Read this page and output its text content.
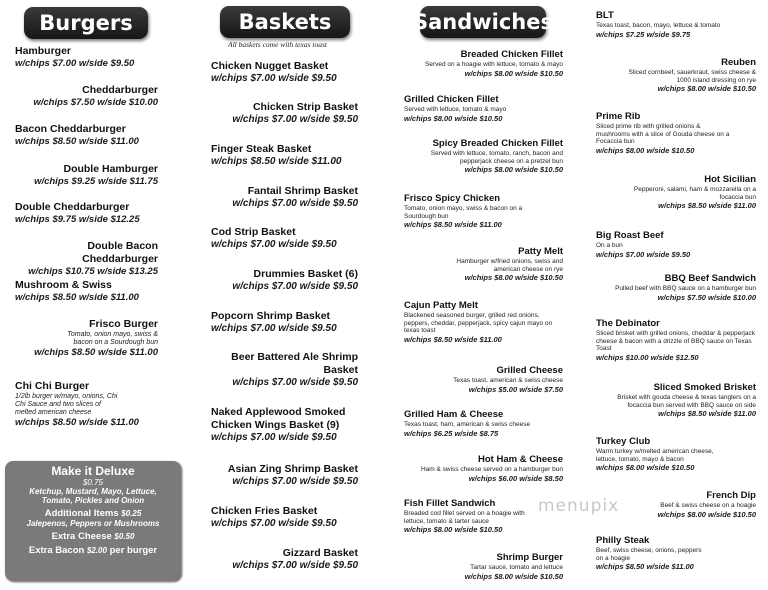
Burgers	Baskets
All baskets come with texas toast
Sandwiches

Hamburger

w/chips $7.00 w/side $9.50

Cheddarburger

w/chips $7.50 w/side $10.00

Bacon Cheddarburger

w/chips $8.50 w/side $11.00

Double Hamburger

w/chips $9.25 w/side $11.75

Double Cheddarburger

w/chips $9.75 w/side $12.25

Double Bacon Cheddarburger

w/chips $10.75 w/side $13.25

Mushroom & Swiss

w/chips $8.50 w/side $11.00

Frisco Burger

Tomato, onion mayo, swiss & bacon on a Sourdough bun

w/chips $8.50 w/side $11.00

Chi Chi Burger

1/2lb burger w/mayo, onions, Chi Chi Sauce and two slices of melted american cheese

w/chips $8.50 w/side $11.00

Make it Deluxe

$0.75

Ketchup, Mustard, Mayo, Lettuce, Tomato, Pickles and Onion

Additional Items $0.25

Jalepenos, Peppers or Mushrooms

Extra Cheese $0.50

Extra Bacon $2.00 per burger

Chicken Nugget Basket

w/chips $7.00 w/side $9.50

Chicken Strip Basket

w/chips $7.00 w/side $9.50

Finger Steak Basket

w/chips $8.50 w/side $11.00

Fantail Shrimp Basket

w/chips $7.00 w/side $9.50

Cod Strip Basket

w/chips $7.00 w/side $9.50

Drummies Basket (6)

w/chips $7.00 w/side $9.50

Popcorn Shrimp Basket

w/chips $7.00 w/side $9.50

Beer Battered Ale Shrimp Basket

w/chips $7.00 w/side $9.50

Naked Applewood Smoked Chicken Wings Basket (9)

w/chips $7.00 w/side $9.50

Asian Zing Shrimp Basket

w/chips $7.00 w/side $9.50

Chicken Fries Basket

w/chips $7.00 w/side $9.50

Gizzard Basket

w/chips $7.00 w/side $9.50

Breaded Chicken Fillet

Served on a hoagie with lettuce, tomato & mayo

w/chips $8.00 w/side $10.50

Grilled Chicken Fillet

Served with lettuce, tomato & mayo

w/chips $8.00 w/side $10.50

Spicy Breaded Chicken Fillet

Served with lettuce, tomato, ranch, bacon and pepperjack cheese on a pretzel bun

w/chips $8.00 w/side $10.50

Frisco Spicy Chicken

Tomato, onion mayo, swiss & bacon on a Sourdough bun

w/chips $8.50 w/side $11.00

Patty Melt

Hamburger w/fried onions, swiss and american cheese on rye

w/chips $8.00 w/side $10.50

Cajun Patty Melt

Blackened seasoned burger, grilled red onions, peppers, cheddar, pepperjack, spicy cajun mayo on texas toast

w/chips $8.50 w/side $11.00

Grilled Cheese

Texas toast, american & swiss cheese

w/chips $5.00 w/side $7.50

Grilled Ham & Cheese

Texas toast, ham, american & swiss cheese

w/chips $6.25 w/side $8.75

Hot Ham & Cheese

Ham & swiss cheese served on a hamburger bun

w/chips $6.00 w/side $8.50

Fish Fillet Sandwich

Breaded cod fillet served on a hoagie with lettuce, tomato & tarter sauce

w/chips $8.00 w/side $10.50

Shrimp Burger

Tartar sauce, tomato and lettuce

w/chips $8.00 w/side $10.50

BLT

Texas toast, bacon, mayo, lettuce & tomato

w/chips $7.25 w/side $9.75

Reuben

Sliced cornbeef, sauerkraut, swiss cheese & 1000 island dressing on rye

w/chips $8.00 w/side $10.50

Prime Rib

Sliced prime rib with grilled onions & mushrooms with a slice of Gouda cheese on a Focaccia bun

w/chips $8.00 w/side $10.50

Hot Sicilian

Pepperoni, salami, ham & mozzarella on a focaccia bun

w/chips $8.50 w/side $11.00

Big Roast Beef

On a bun

w/chips $7.00 w/side $9.50

BBQ Beef Sandwich

Pulled beef with BBQ sauce on a hamburger bun

w/chips $7.50 w/side $10.00

The Debinator

Sliced brisket with grilled onions, cheddar & pepperjack cheese & bacon with a drizzle of BBQ sauce on Texas Toast

w/chips $10.00 w/side $12.50

Sliced Smoked Brisket

Brisket with gouda cheese & texas tanglers on a focaccia bun served with BBQ sauce on side

w/chips $8.50 w/side $11.00

Turkey Club

Warm turkey w/melted american cheese, lettuce, tomato, mayo & bacon

w/chips $8.00 w/side $10.50

French Dip

Beef & swiss cheese on a hoagie

w/chips $8.00 w/side $10.50

Philly Steak

Beef, swiss cheese, onions, peppers on a hoagie

w/chips $8.50 w/side $11.00

menupix
